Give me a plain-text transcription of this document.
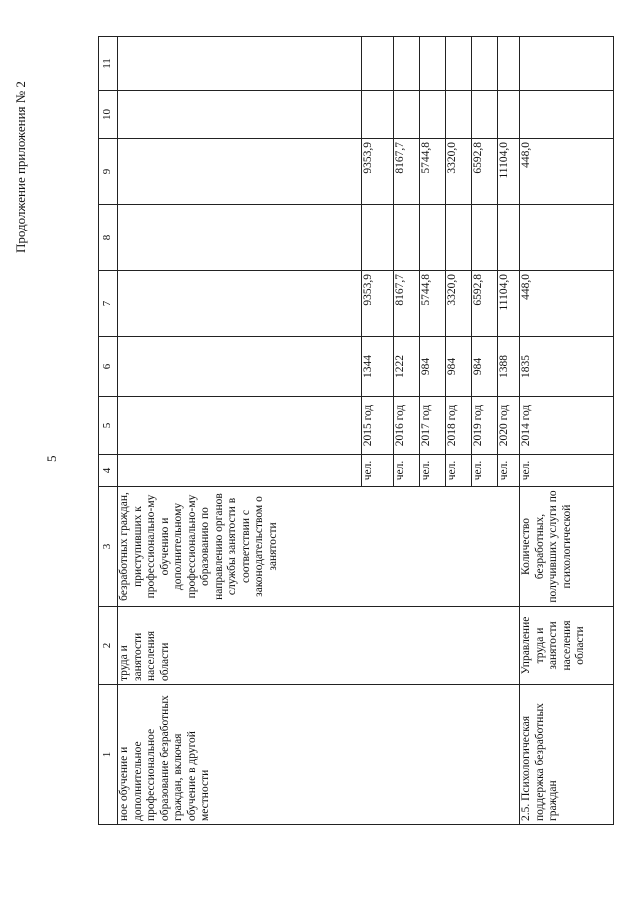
5
Продолжение приложения № 2
1	2	3	4	5	6	7	8	9	10	11
ное обучение и дополнительное профессиональное образование безработных граждан, включая обучение в другой местности	труда и занятости населения области	безработных граждан, приступивших к профессионально-му обучению и дополнительному профессионально-му образованию по направлению органов службы занятости в соответствии с законодательством о занятости								
			чел.	2015 год	1344	9353,9		9353,9		
			чел.	2016 год	1222	8167,7		8167,7		
			чел.	2017 год	984	5744,8		5744,8		
			чел.	2018 год	984	3320,0		3320,0		
			чел.	2019 год	984	6592,8		6592,8		
			чел.	2020 год	1388	11104,0		11104,0		
2.5. Психологическая поддержка безработных граждан	Управление труда и занятости населения области	Количество безработных, получивших услуги по психологической	чел.	2014 год	1835	448,0		448,0		
